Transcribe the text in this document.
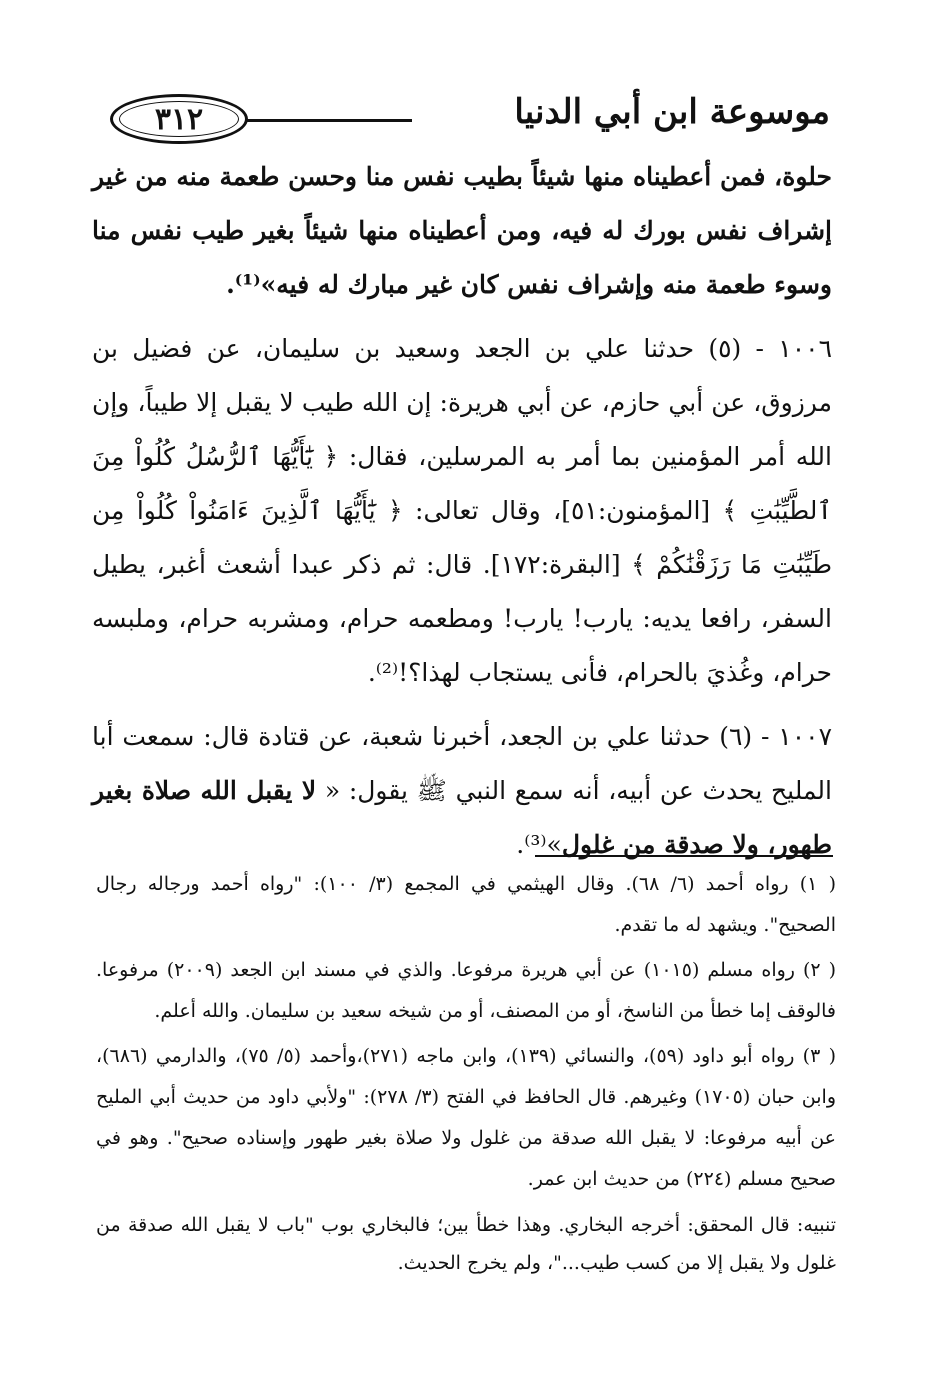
٣١٢	موسوعة ابن أبي الدنيا

حلوة، فمن أعطيناه منها شيئاً بطيب نفس منا وحسن طعمة منه من غير إشراف نفس بورك له فيه، ومن أعطيناه منها شيئاً بغير طيب نفس منا وسوء طعمة منه وإشراف نفس كان غير مبارك له فيه»⁽¹⁾.

١٠٠٦ - (٥) حدثنا علي بن الجعد وسعيد بن سليمان، عن فضيل بن مرزوق، عن أبي حازم، عن أبي هريرة: إن الله طيب لا يقبل إلا طيباً، وإن الله أمر المؤمنين بما أمر به المرسلين، فقال: ﴿ يَٰٓأَيُّهَا ٱلرُّسُلُ كُلُواْ مِنَ ٱلطَّيِّبَٰتِ ﴾ [المؤمنون:٥١]، وقال تعالى: ﴿ يَٰٓأَيُّهَا ٱلَّذِينَ ءَامَنُواْ كُلُواْ مِن طَيِّبَٰتِ مَا رَزَقْنَٰكُمْ ﴾ [البقرة:١٧٢]. قال: ثم ذكر عبدا أشعث أغبر، يطيل السفر، رافعا يديه: يارب! يارب! ومطعمه حرام، ومشربه حرام، وملبسه حرام، وغُذيَ بالحرام، فأنى يستجاب لهذا؟!⁽²⁾.

١٠٠٧ - (٦) حدثنا علي بن الجعد، أخبرنا شعبة، عن قتادة قال: سمعت أبا المليح يحدث عن أبيه، أنه سمع النبي ﷺ يقول: « لا يقبل الله صلاة بغير طهور، ولا صدقة من غلول»⁽³⁾.

( ١) رواه أحمد (٦/ ٦٨). وقال الهيثمي في المجمع (٣/ ١٠٠): "رواه أحمد ورجاله رجال الصحيح". ويشهد له ما تقدم.

( ٢) رواه مسلم (١٠١٥) عن أبي هريرة مرفوعا. والذي في مسند ابن الجعد (٢٠٠٩) مرفوعا. فالوقف إما خطأ من الناسخ، أو من المصنف، أو من شيخه سعيد بن سليمان. والله أعلم.

( ٣) رواه أبو داود (٥٩)، والنسائي (١٣٩)، وابن ماجه (٢٧١)،وأحمد (٥/ ٧٥)، والدارمي (٦٨٦)، وابن حبان (١٧٠٥) وغيرهم. قال الحافظ في الفتح (٣/ ٢٧٨): "ولأبي داود من حديث أبي المليح عن أبيه مرفوعا: لا يقبل الله صدقة من غلول ولا صلاة بغير طهور وإسناده صحيح". وهو في صحيح مسلم (٢٢٤) من حديث ابن عمر.

تنبيه: قال المحقق: أخرجه البخاري. وهذا خطأ بين؛ فالبخاري بوب "باب لا يقبل الله صدقة من غلول ولا يقبل إلا من كسب طيب..."، ولم يخرج الحديث.
